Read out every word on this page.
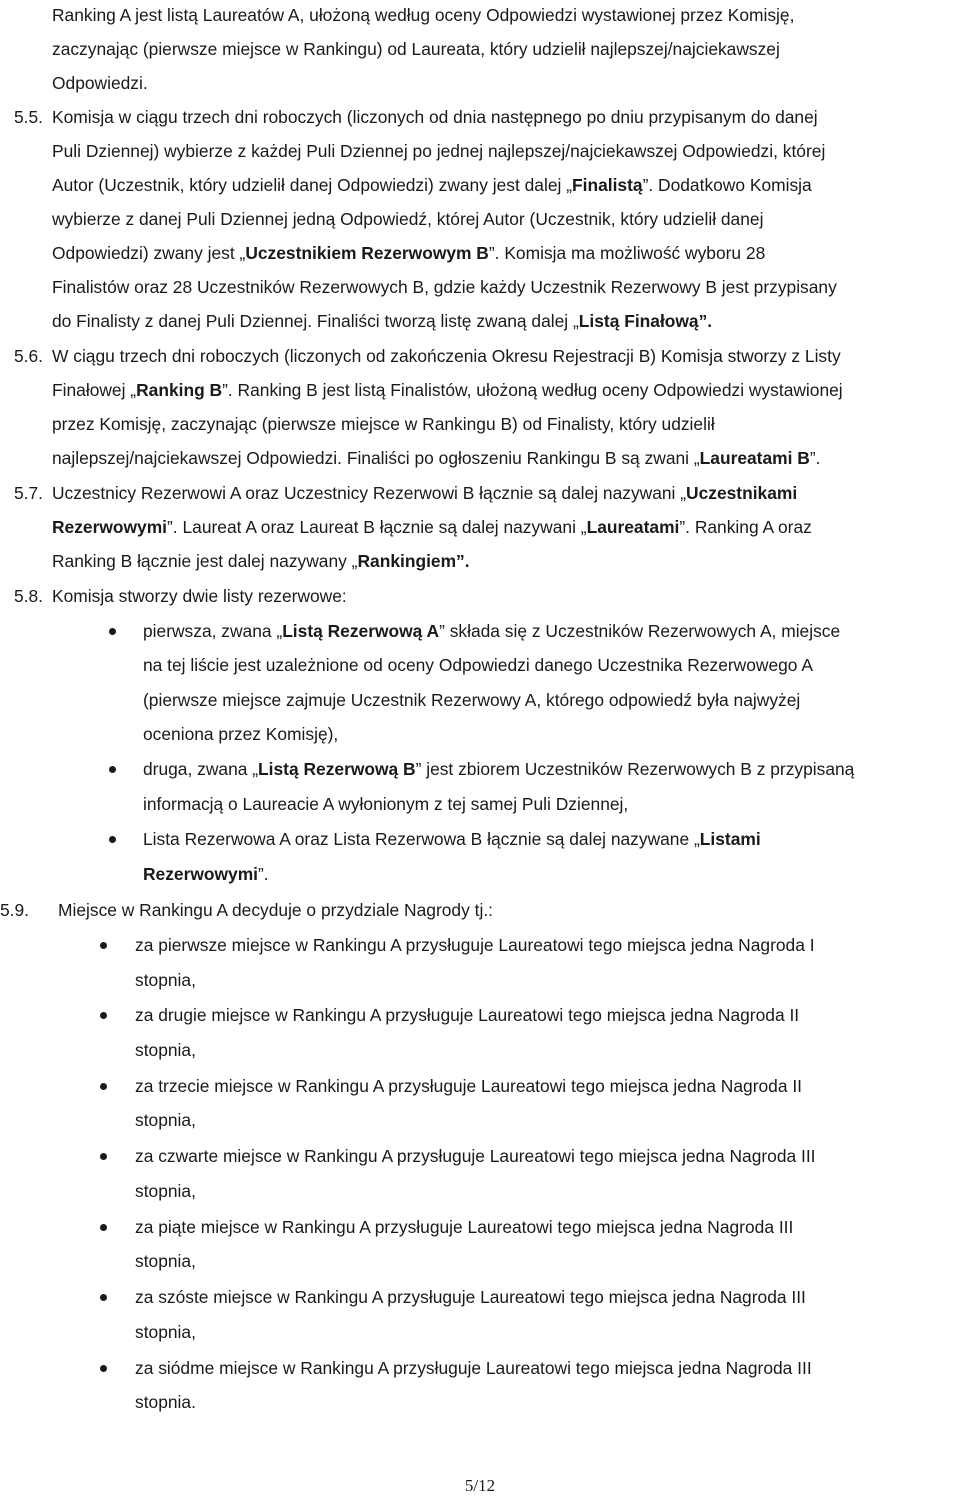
Ranking A jest listą Laureatów A, ułożoną według oceny Odpowiedzi wystawionej przez Komisję,
zaczynając (pierwsze miejsce w Rankingu) od Laureata, który udzielił najlepszej/najciekawszej
Odpowiedzi.
5.5. Komisja w ciągu trzech dni roboczych (liczonych od dnia następnego po dniu przypisanym do danej
Puli Dziennej) wybierze z każdej Puli Dziennej po jednej najlepszej/najciekawszej Odpowiedzi, której
Autor (Uczestnik, który udzielił danej Odpowiedzi) zwany jest dalej „Finalistą”. Dodatkowo Komisja
wybierze z danej Puli Dziennej jedną Odpowiedź, której Autor (Uczestnik, który udzielił danej
Odpowiedzi) zwany jest „Uczestnikiem Rezerwowym B”. Komisja ma możliwość wyboru 28
Finalistów oraz 28 Uczestników Rezerwowych B, gdzie każdy Uczestnik Rezerwowy B jest przypisany
do Finalisty z danej Puli Dziennej. Finaliści tworzą listę zwaną dalej „Listą Finałową”.
5.6. W ciągu trzech dni roboczych (liczonych od zakończenia Okresu Rejestracji B) Komisja stworzy z Listy
Finałowej „Ranking B”. Ranking B jest listą Finalistów, ułożoną według oceny Odpowiedzi wystawionej
przez Komisję, zaczynając (pierwsze miejsce w Rankingu B) od Finalisty, który udzielił
najlepszej/najciekawszej Odpowiedzi. Finaliści po ogłoszeniu Rankingu B są zwani „Laureatami B”.
5.7. Uczestnicy Rezerwowi A oraz Uczestnicy Rezerwowi B łącznie są dalej nazywani „Uczestnikami
Rezerwowymi”. Laureat A oraz Laureat B łącznie są dalej nazywani „Laureatami”. Ranking A oraz
Ranking B łącznie jest dalej nazywany „Rankingiem”.
5.8. Komisja stworzy dwie listy rezerwowe:
pierwsza, zwana „Listą Rezerwową A” składa się z Uczestników Rezerwowych A, miejsce
na tej liście jest uzależnione od oceny Odpowiedzi danego Uczestnika Rezerwowego A
(pierwsze miejsce zajmuje Uczestnik Rezerwowy A, którego odpowiedź była najwyżej
oceniona przez Komisję),
druga, zwana „Listą Rezerwową B” jest zbiorem Uczestników Rezerwowych B z przypisaną
informacją o Laureacie A wyłonionym z tej samej Puli Dziennej,
Lista Rezerwowa A oraz Lista Rezerwowa B łącznie są dalej nazywane „Listami
Rezerwowymi”.
5.9. Miejsce w Rankingu A decyduje o przydziale Nagrody tj.:
za pierwsze miejsce w Rankingu A przysługuje Laureatowi tego miejsca jedna Nagroda I
stopnia,
za drugie miejsce w Rankingu A przysługuje Laureatowi tego miejsca jedna Nagroda II
stopnia,
za trzecie miejsce w Rankingu A przysługuje Laureatowi tego miejsca jedna Nagroda II
stopnia,
za czwarte miejsce w Rankingu A przysługuje Laureatowi tego miejsca jedna Nagroda III
stopnia,
za piąte miejsce w Rankingu A przysługuje Laureatowi tego miejsca jedna Nagroda III
stopnia,
za szóste miejsce w Rankingu A przysługuje Laureatowi tego miejsca jedna Nagroda III
stopnia,
za siódme miejsce w Rankingu A przysługuje Laureatowi tego miejsca jedna Nagroda III
stopnia.
5/12
